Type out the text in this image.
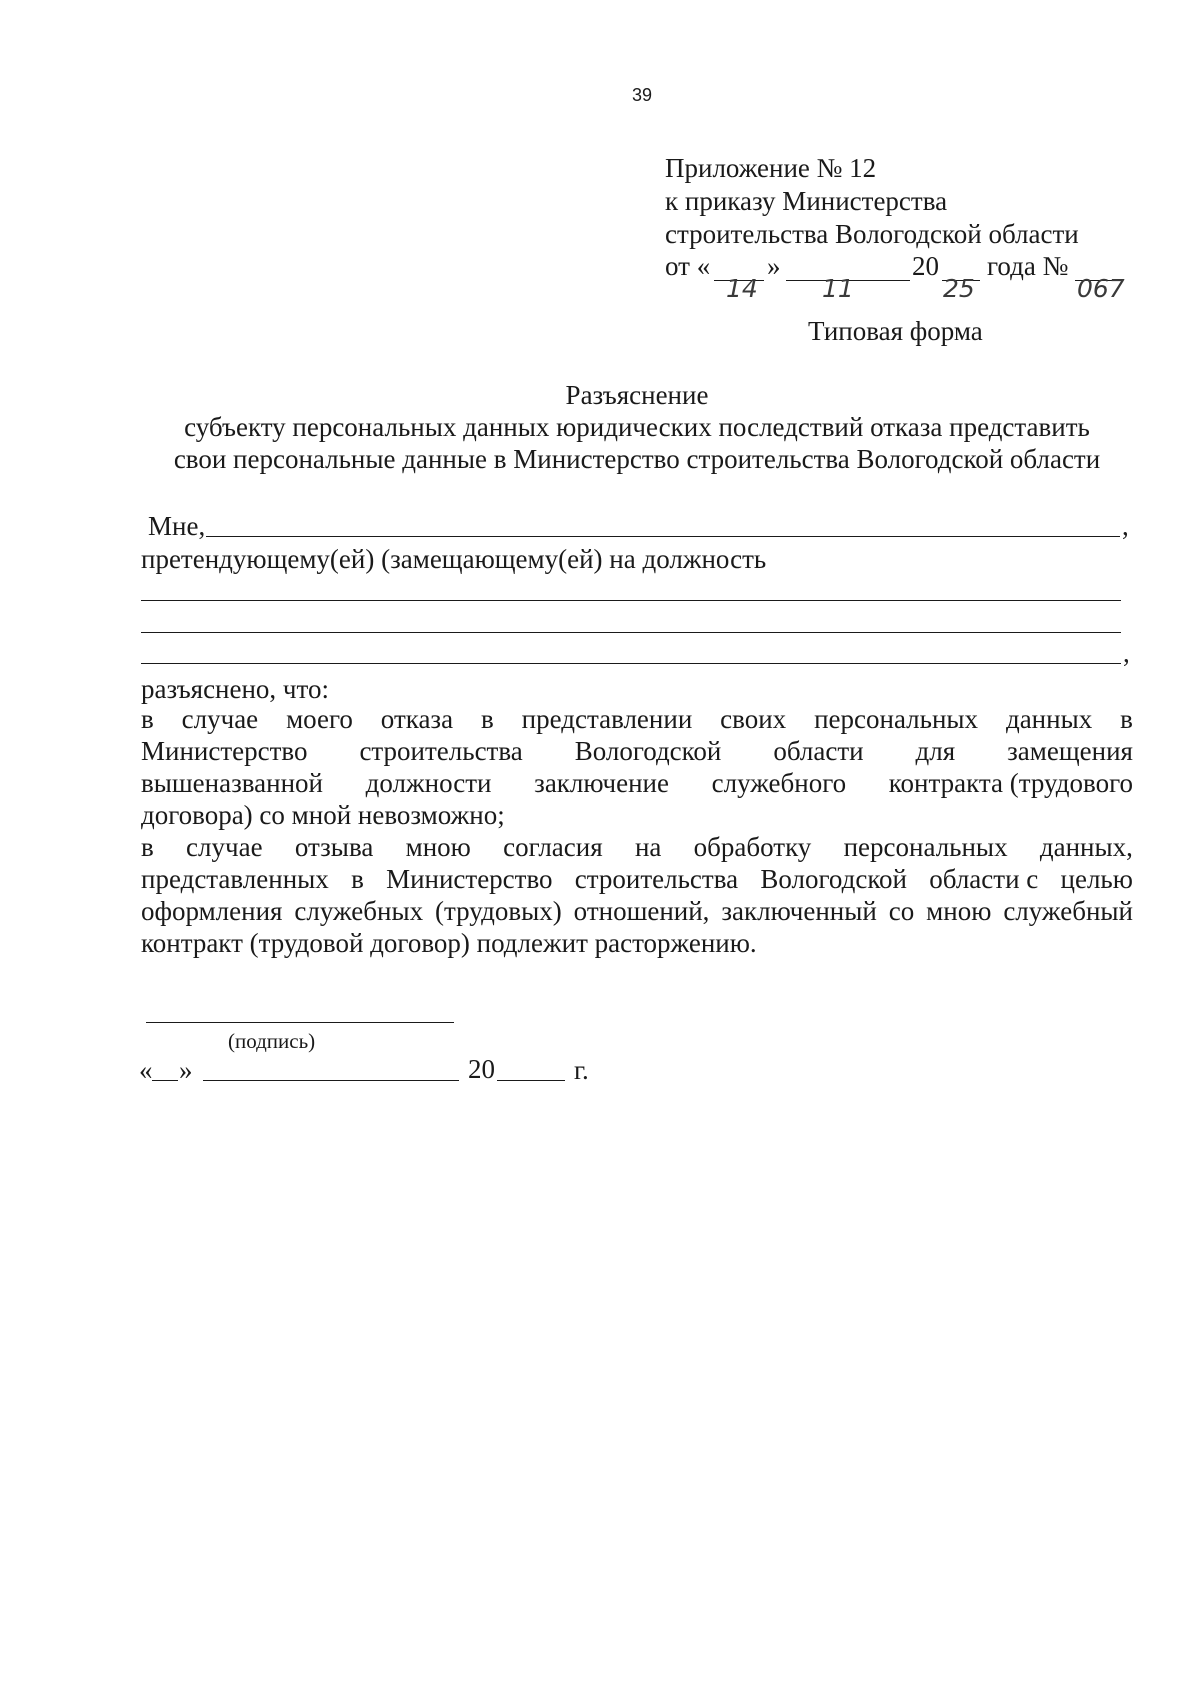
39
Приложение № 12
к приказу Министерства
строительства Вологодской области
от «
14
»
11
20
25
года №
067
Типовая форма
Разъяснение
субъекту персональных данных юридических последствий отказа представить
свои персональные данные в Министерство строительства Вологодской области
Мне,	,
претендующему(ей) (замещающему(ей) на должность
,
разъяснено, что:
в случае моего отказа в представлении своих персональных данных в
Министерство строительства Вологодской области для замещения
вышеназванной должности заключение служебного контракта (трудового
договора) со мной невозможно;
в случае отзыва мною согласия на обработку персональных данных,
представленных в Министерство строительства Вологодской области с целью
оформления служебных (трудовых) отношений, заключенный со мною служебный
контракт (трудовой договор) подлежит расторжению.
(подпись)
« »	20	г.
